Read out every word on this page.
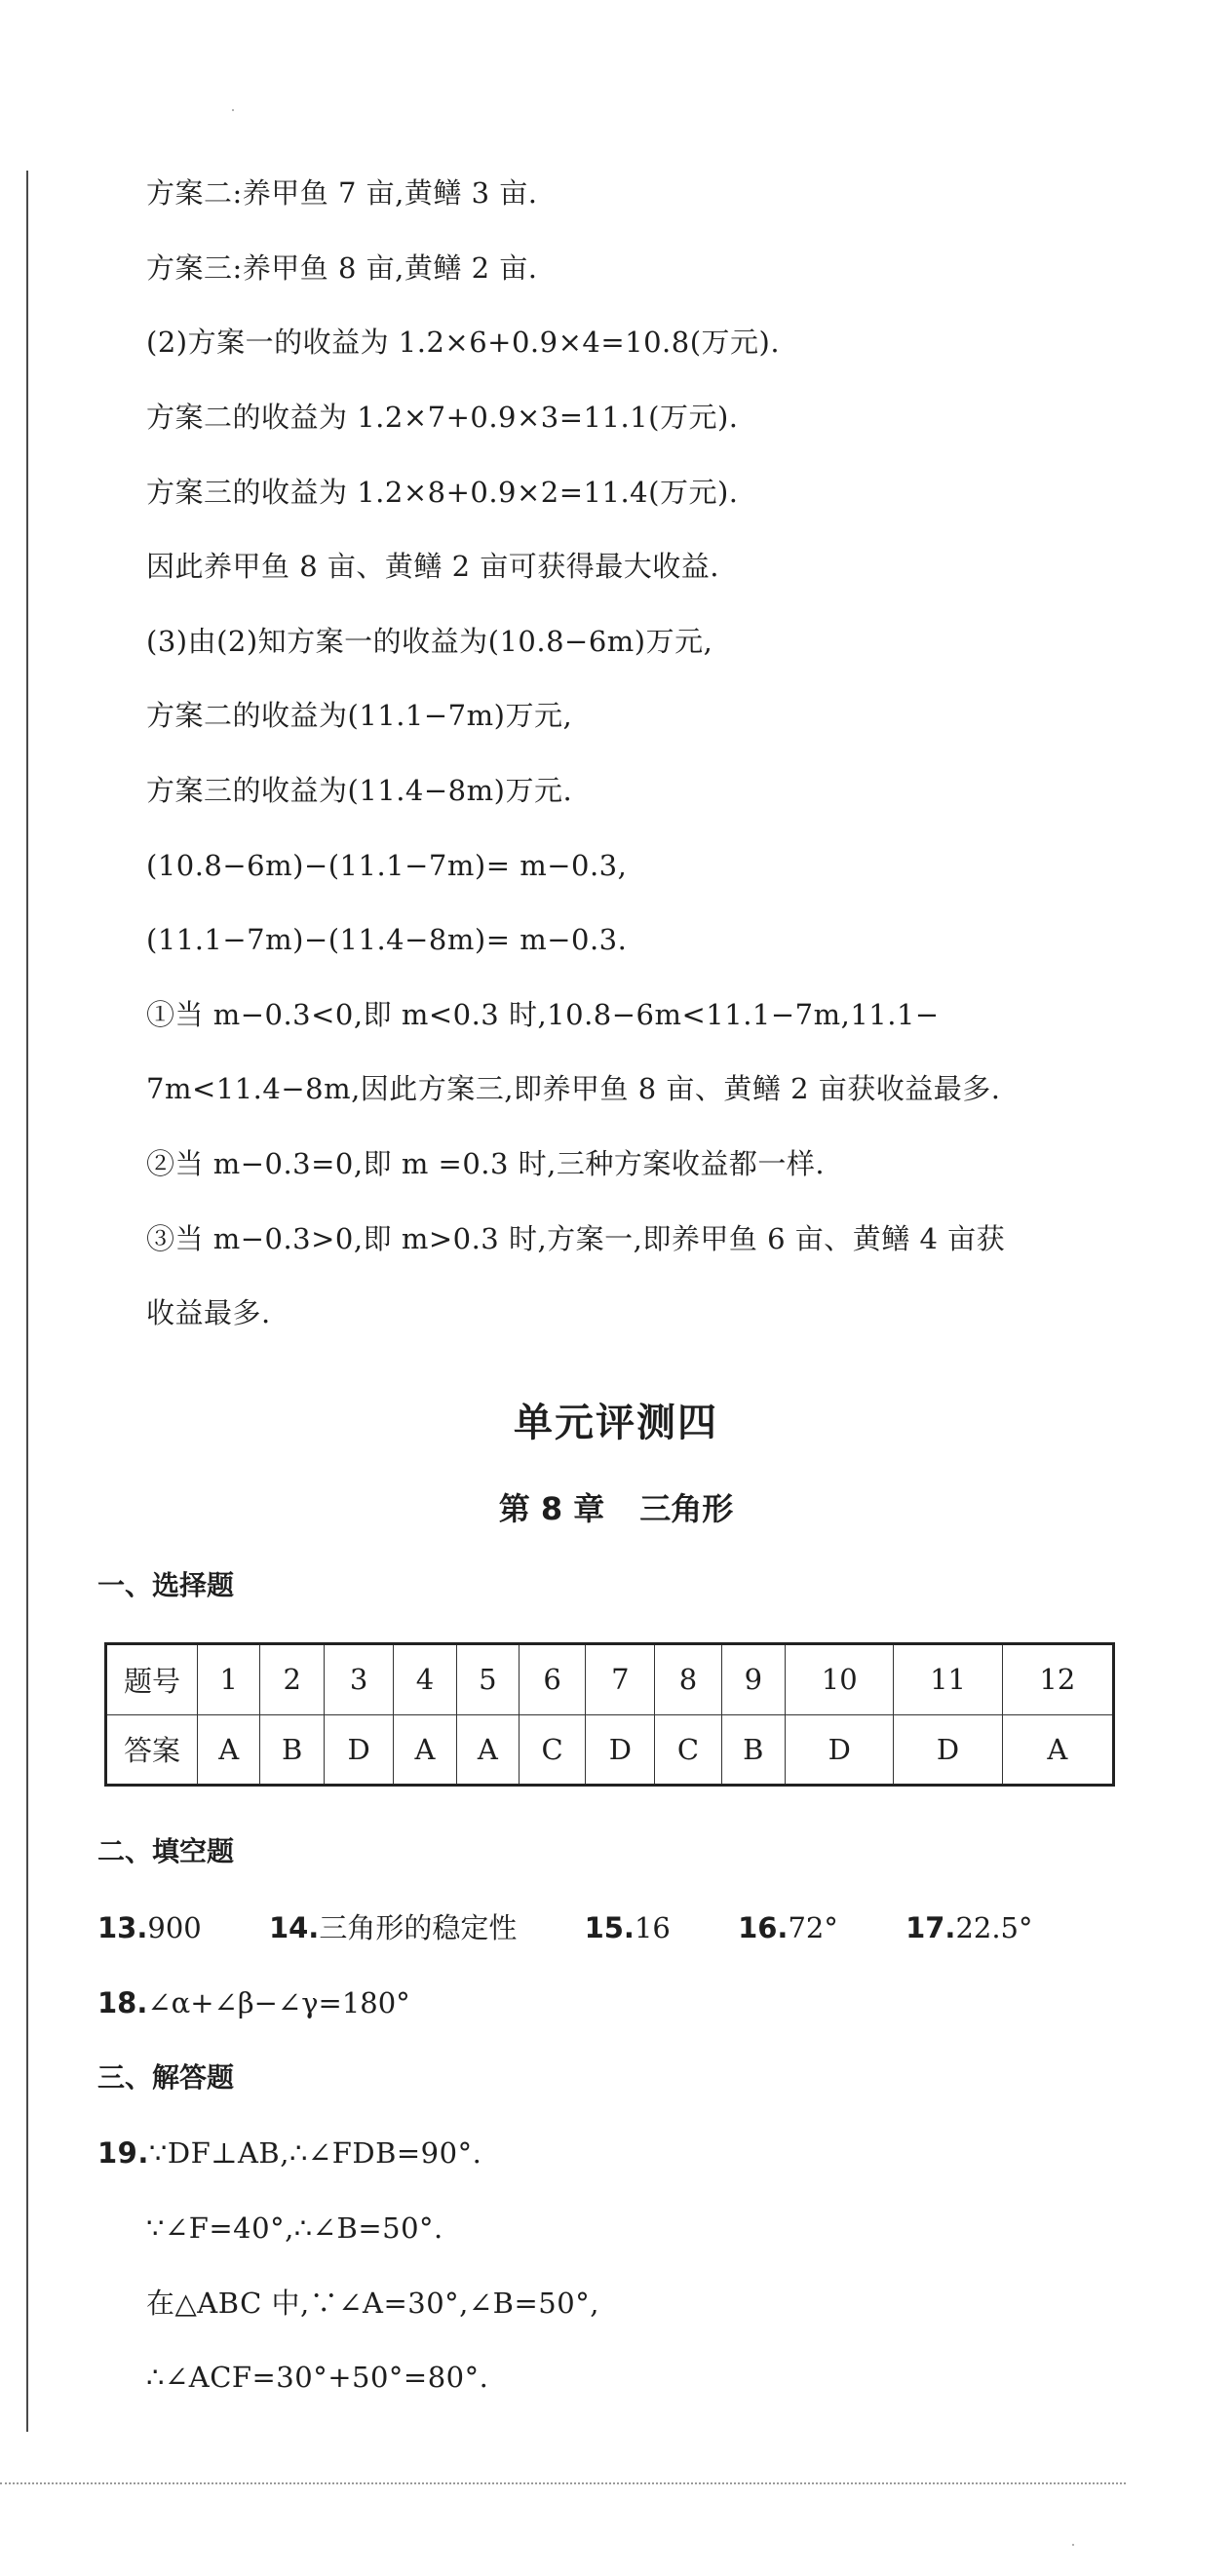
方案二:养甲鱼 7 亩,黄鳝 3 亩.
方案三:养甲鱼 8 亩,黄鳝 2 亩.
(2)方案一的收益为 1.2×6+0.9×4=10.8(万元).
方案二的收益为 1.2×7+0.9×3=11.1(万元).
方案三的收益为 1.2×8+0.9×2=11.4(万元).
因此养甲鱼 8 亩、黄鳝 2 亩可获得最大收益.
(3)由(2)知方案一的收益为(10.8−6m)万元,
方案二的收益为(11.1−7m)万元,
方案三的收益为(11.4−8m)万元.
(10.8−6m)−(11.1−7m)= m−0.3,
(11.1−7m)−(11.4−8m)= m−0.3.
①当 m−0.3<0,即 m<0.3 时,10.8−6m<11.1−7m,11.1−
7m<11.4−8m,因此方案三,即养甲鱼 8 亩、黄鳝 2 亩获收益最多.
②当 m−0.3=0,即 m =0.3 时,三种方案收益都一样.
③当 m−0.3>0,即 m>0.3 时,方案一,即养甲鱼 6 亩、黄鳝 4 亩获
收益最多.
单元评测四
第 8 章 三角形
一、选择题
题号	1	2	3	4	5	6	7	8	9	10	11	12
答案	A	B	D	A	A	C	D	C	B	D	D	A
二、填空题
13.900 14.三角形的稳定性 15.16 16.72° 17.22.5°
18.∠α+∠β−∠γ=180°
三、解答题
19.∵DF⊥AB,∴∠FDB=90°.
∵∠F=40°,∴∠B=50°.
在△ABC 中,∵∠A=30°,∠B=50°,
∴∠ACF=30°+50°=80°.
